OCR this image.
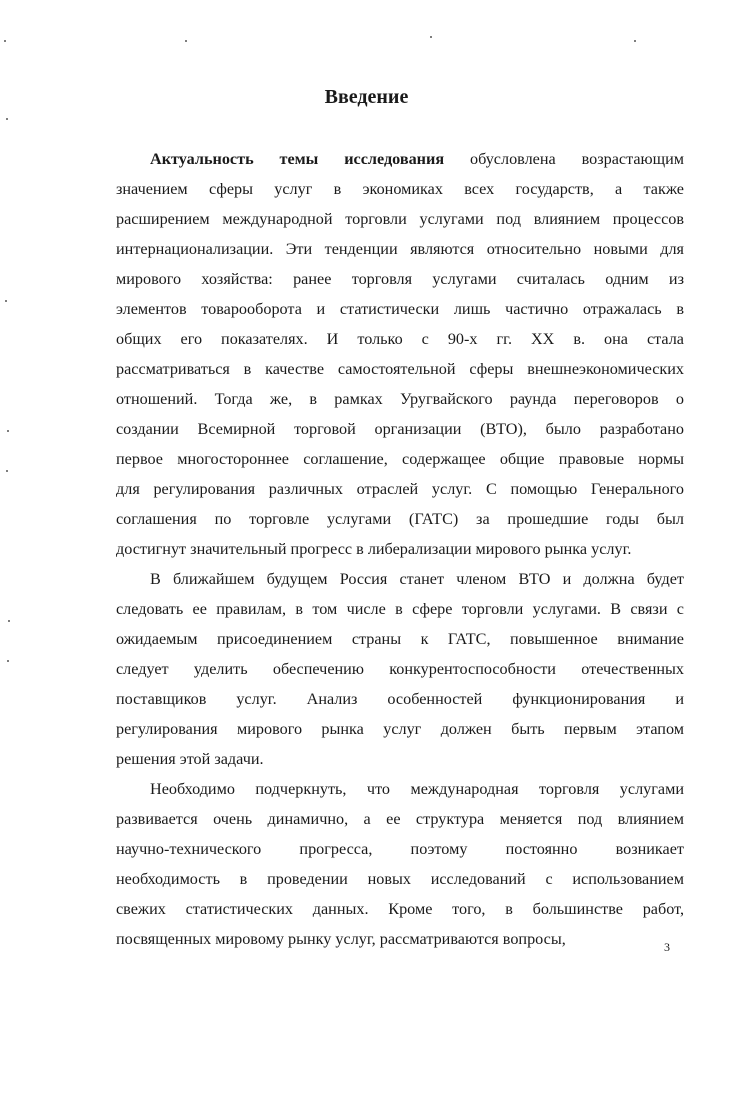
Введение
Актуальность темы исследования обусловлена возрастающим
значением сферы услуг в экономиках всех государств, а также
расширением международной торговли услугами под влиянием процессов
интернационализации. Эти тенденции являются относительно новыми для
мирового хозяйства: ранее торговля услугами считалась одним из
элементов товарооборота и статистически лишь частично отражалась в
общих его показателях. И только с 90-х гг. XX в. она стала
рассматриваться в качестве самостоятельной сферы внешнеэкономических
отношений. Тогда же, в рамках Уругвайского раунда переговоров о
создании Всемирной торговой организации (ВТО), было разработано
первое многостороннее соглашение, содержащее общие правовые нормы
для регулирования различных отраслей услуг. С помощью Генерального
соглашения по торговле услугами (ГАТС) за прошедшие годы был
достигнут значительный прогресс в либерализации мирового рынка услуг.
В ближайшем будущем Россия станет членом ВТО и должна будет
следовать ее правилам, в том числе в сфере торговли услугами. В связи с
ожидаемым присоединением страны к ГАТС, повышенное внимание
следует уделить обеспечению конкурентоспособности отечественных
поставщиков услуг. Анализ особенностей функционирования и
регулирования мирового рынка услуг должен быть первым этапом
решения этой задачи.
Необходимо подчеркнуть, что международная торговля услугами
развивается очень динамично, а ее структура меняется под влиянием
научно-технического прогресса, поэтому постоянно возникает
необходимость в проведении новых исследований с использованием
свежих статистических данных. Кроме того, в большинстве работ,
посвященных мировому рынку услуг, рассматриваются вопросы,	3
